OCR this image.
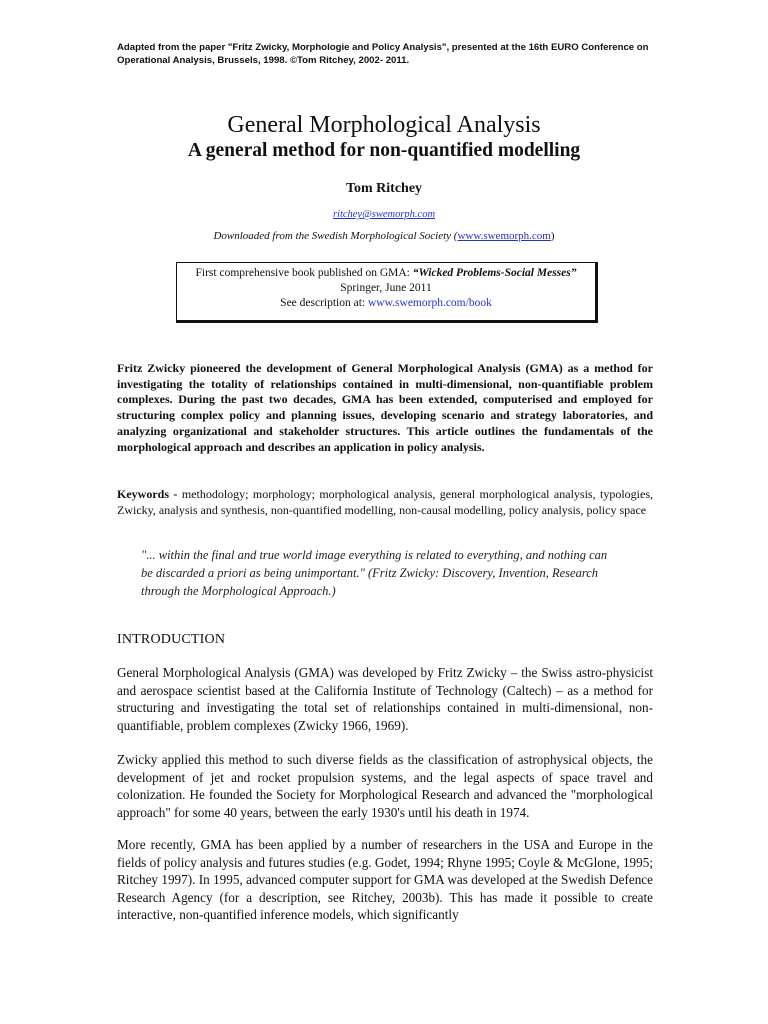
Adapted from the paper "Fritz Zwicky, Morphologie and Policy Analysis", presented at the 16th EURO Conference on Operational Analysis, Brussels, 1998. ©Tom Ritchey, 2002- 2011.
General Morphological Analysis
A general method for non-quantified modelling
Tom Ritchey
ritchey@swemorph.com
Downloaded from the Swedish Morphological Society (www.swemorph.com)
First comprehensive book published on GMA: “Wicked Problems-Social Messes”
Springer, June 2011
See description at: www.swemorph.com/book
Fritz Zwicky pioneered the development of General Morphological Analysis (GMA) as a method for investigating the totality of relationships contained in multi-dimensional, non-quantifiable problem complexes. During the past two decades, GMA has been extended, computerised and employed for structuring complex policy and planning issues, developing scenario and strategy laboratories, and analyzing organizational and stakeholder structures. This article outlines the fundamentals of the morphological approach and describes an application in policy analysis.
Keywords - methodology; morphology; morphological analysis, general morphological analysis, typologies, Zwicky, analysis and synthesis, non-quantified modelling, non-causal modelling, policy analysis, policy space
"... within the final and true world image everything is related to everything, and nothing can be discarded a priori as being unimportant." (Fritz Zwicky: Discovery, Invention, Research through the Morphological Approach.)
INTRODUCTION
General Morphological Analysis (GMA) was developed by Fritz Zwicky – the Swiss astro-physicist and aerospace scientist based at the California Institute of Technology (Caltech) – as a method for structuring and investigating the total set of relationships contained in multi-dimensional, non-quantifiable, problem complexes (Zwicky 1966, 1969).
Zwicky applied this method to such diverse fields as the classification of astrophysical objects, the development of jet and rocket propulsion systems, and the legal aspects of space travel and colonization. He founded the Society for Morphological Research and advanced the "morphological approach" for some 40 years, between the early 1930's until his death in 1974.
More recently, GMA has been applied by a number of researchers in the USA and Europe in the fields of policy analysis and futures studies (e.g. Godet, 1994; Rhyne 1995; Coyle & McGlone, 1995; Ritchey 1997). In 1995, advanced computer support for GMA was developed at the Swedish Defence Research Agency (for a description, see Ritchey, 2003b). This has made it possible to create interactive, non-quantified inference models, which significantly
